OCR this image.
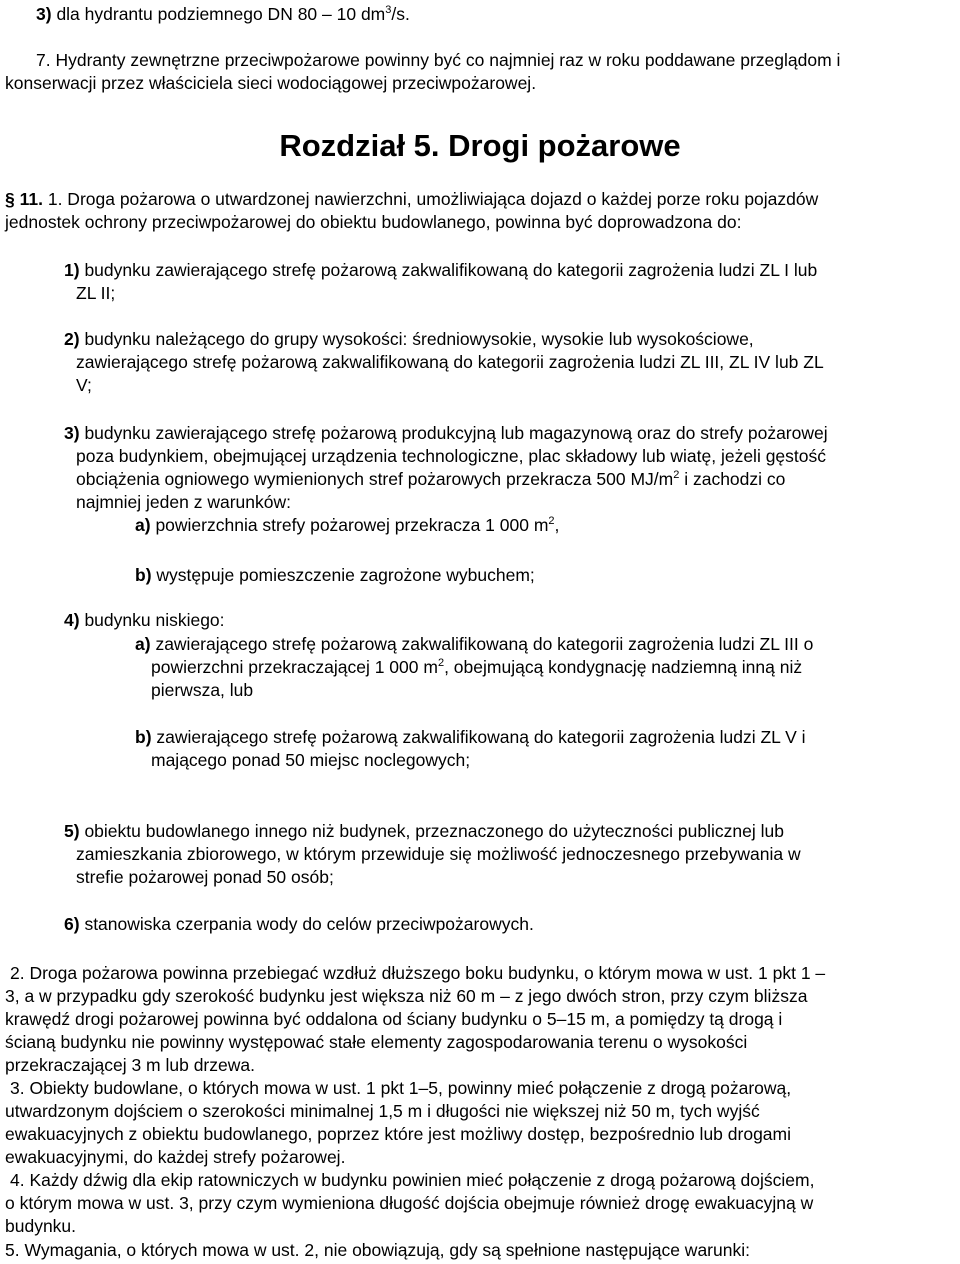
3) dla hydrantu podziemnego DN 80 – 10 $dm^3/s$.
7. Hydranty zewnętrzne przeciwpożarowe powinny być co najmniej raz w roku poddawane przeglądom i
konserwacji przez właściciela sieci wodociągowej przeciwpożarowej.
Rozdział 5. Drogi pożarowe
§ 11. 1. Droga pożarowa o utwardzonej nawierzchni, umożliwiająca dojazd o każdej porze roku pojazdów
jednostek ochrony przeciwpożarowej do obiektu budowlanego, powinna być doprowadzona do:
1) budynku zawierającego strefę pożarową zakwalifikowaną do kategorii zagrożenia ludzi ZL I lub
ZL II;
2) budynku należącego do grupy wysokości: średniowysokie, wysokie lub wysokościowe,
zawierającego strefę pożarową zakwalifikowaną do kategorii zagrożenia ludzi ZL III, ZL IV lub ZL
V;
3) budynku zawierającego strefę pożarową produkcyjną lub magazynową oraz do strefy pożarowej
poza budynkiem, obejmującej urządzenia technologiczne, plac składowy lub wiatę, jeżeli gęstość
obciążenia ogniowego wymienionych stref pożarowych przekracza 500 $MJ/m^2$ i zachodzi co
najmniej jeden z warunków:
a) powierzchnia strefy pożarowej przekracza 1 000 $m^2$,
b) występuje pomieszczenie zagrożone wybuchem;
4) budynku niskiego:
a) zawierającego strefę pożarową zakwalifikowaną do kategorii zagrożenia ludzi ZL III o
powierzchni przekraczającej 1 000 $m^2$, obejmującą kondygnację nadziemną inną niż
pierwsza, lub
b) zawierającego strefę pożarową zakwalifikowaną do kategorii zagrożenia ludzi ZL V i
mającego ponad 50 miejsc noclegowych;
5) obiektu budowlanego innego niż budynek, przeznaczonego do użyteczności publicznej lub
zamieszkania zbiorowego, w którym przewiduje się możliwość jednoczesnego przebywania w
strefie pożarowej ponad 50 osób;
6) stanowiska czerpania wody do celów przeciwpożarowych.
2. Droga pożarowa powinna przebiegać wzdłuż dłuższego boku budynku, o którym mowa w ust. 1 pkt 1 –
3, a w przypadku gdy szerokość budynku jest większa niż 60 m – z jego dwóch stron, przy czym bliższa
krawędź drogi pożarowej powinna być oddalona od ściany budynku o 5–15 m, a pomiędzy tą drogą i
ścianą budynku nie powinny występować stałe elementy zagospodarowania terenu o wysokości
przekraczającej 3 m lub drzewa.
3. Obiekty budowlane, o których mowa w ust. 1 pkt 1–5, powinny mieć połączenie z drogą pożarową,
utwardzonym dojściem o szerokości minimalnej 1,5 m i długości nie większej niż 50 m, tych wyjść
ewakuacyjnych z obiektu budowlanego, poprzez które jest możliwy dostęp, bezpośrednio lub drogami
ewakuacyjnymi, do każdej strefy pożarowej.
4. Każdy dźwig dla ekip ratowniczych w budynku powinien mieć połączenie z drogą pożarową dojściem,
o którym mowa w ust. 3, przy czym wymieniona długość dojścia obejmuje również drogę ewakuacyjną w
budynku.
5. Wymagania, o których mowa w ust. 2, nie obowiązują, gdy są spełnione następujące warunki:
